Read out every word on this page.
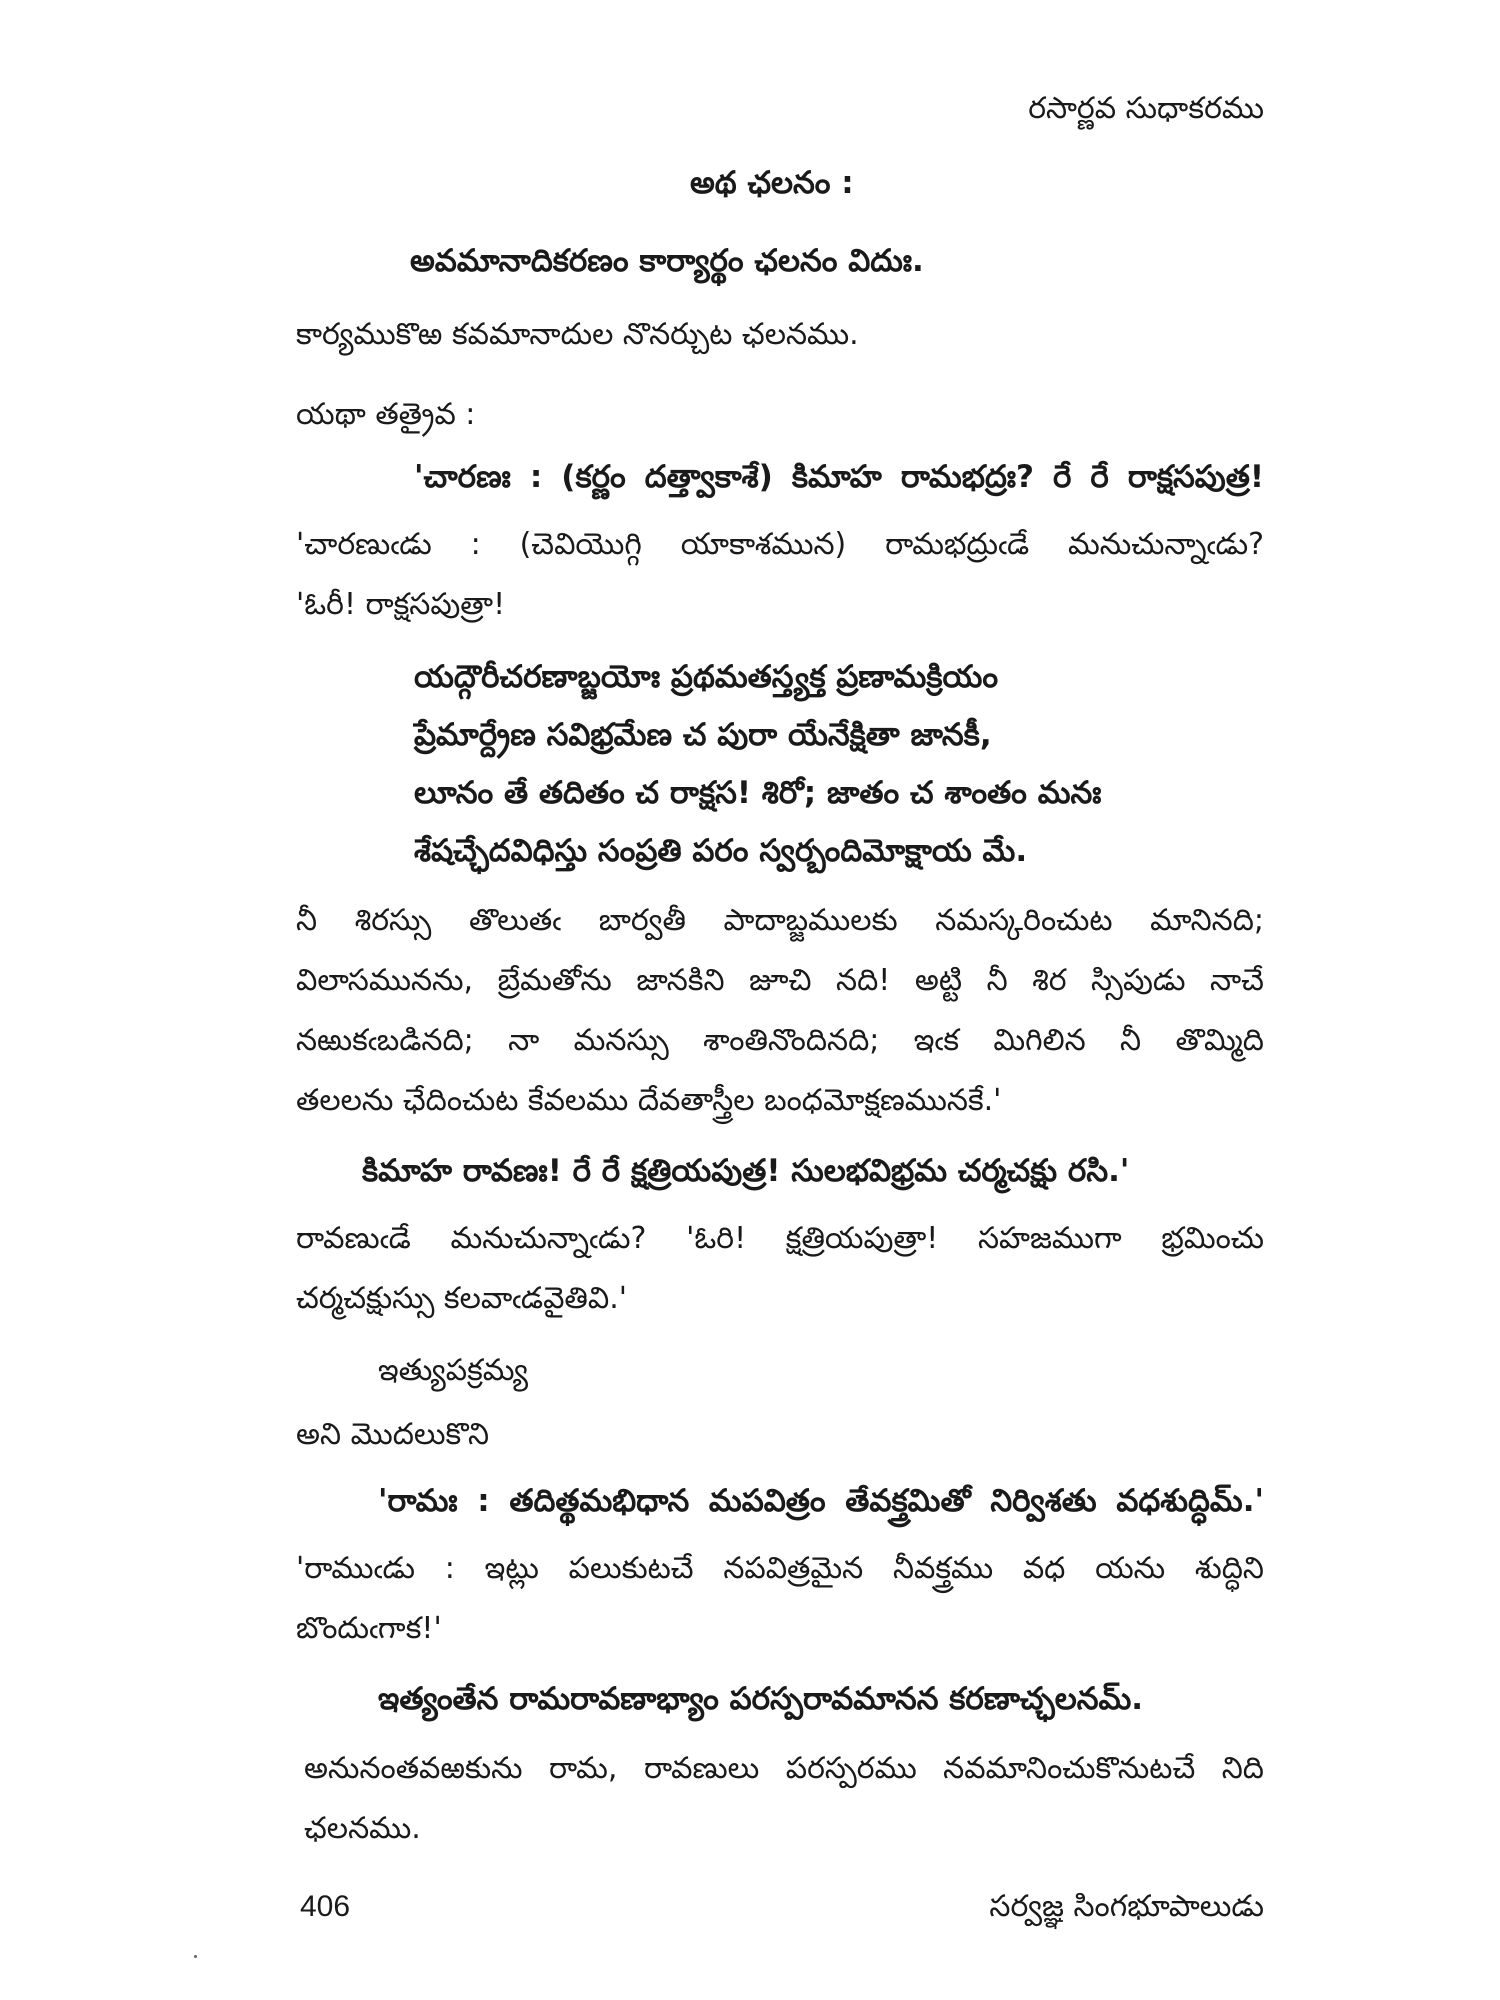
రసార్ణవ సుధాకరము
అథ ఛలనం :
అవమానాదికరణం కార్యార్థం ఛలనం విదుః.
కార్యముకొఱ కవమానాదుల నొనర్చుట ఛలనము.
యథా తత్రైవ :
'చారణః : (కర్ణం దత్త్వాకాశే) కిమాహ రామభద్రః? రే రే రాక్షసపుత్ర!
'చారణుఁడు : (చెవియొగ్గి యాకాశమున) రామభద్రుఁడే మనుచున్నాఁడు?
'ఓరీ! రాక్షసపుత్రా!
యద్గౌరీచరణాబ్జయోః ప్రథమతస్త్యక్త ప్రణామక్రియం
ప్రేమార్ద్రేణ సవిభ్రమేణ చ పురా యేనేక్షితా జానకీ,
లూనం తే తదితం చ రాక్షస! శిరో; జాతం చ శాంతం మనః
శేషచ్ఛేదవిధిస్తు సంప్రతి పరం స్వర్బందిమోక్షాయ మే.
నీ శిరస్సు తొలుతఁ బార్వతీ పాదాబ్జములకు నమస్కరించుట మానినది;
విలాసమునను, బ్రేమతోను జానకిని జూచి నది! అట్టి నీ శిర స్సిపుడు నాచే
నఱుకఁబడినది; నా మనస్సు శాంతినొందినది; ఇఁక మిగిలిన నీ తొమ్మిది
తలలను ఛేదించుట కేవలము దేవతాస్త్రీల బంధమోక్షణమునకే.'
కిమాహ రావణః! రే రే క్షత్రియపుత్ర! సులభవిభ్రమ చర్మచక్షు రసి.'
రావణుఁడే మనుచున్నాఁడు? 'ఓరి! క్షత్రియపుత్రా! సహజముగా భ్రమించు
చర్మచక్షుస్సు కలవాఁడవైతివి.'
ఇత్యుపక్రమ్య
అని మొదలుకొని
'రామః : తదిత్థమభిధాన మపవిత్రం తేవక్త్రమితో నిర్విశతు వధశుద్ధిమ్.'
'రాముఁడు : ఇట్లు పలుకుటచే నపవిత్రమైన నీవక్త్రము వధ యను శుద్ధిని
బొందుఁగాక!'
ఇత్యంతేన రామరావణాభ్యాం పరస్పరావమానన కరణాచ్ఛలనమ్.
అనునంతవఱకును రామ, రావణులు పరస్పరము నవమానించుకొనుటచే నిది
ఛలనము.
406	సర్వజ్ఞ సింగభూపాలుడు
